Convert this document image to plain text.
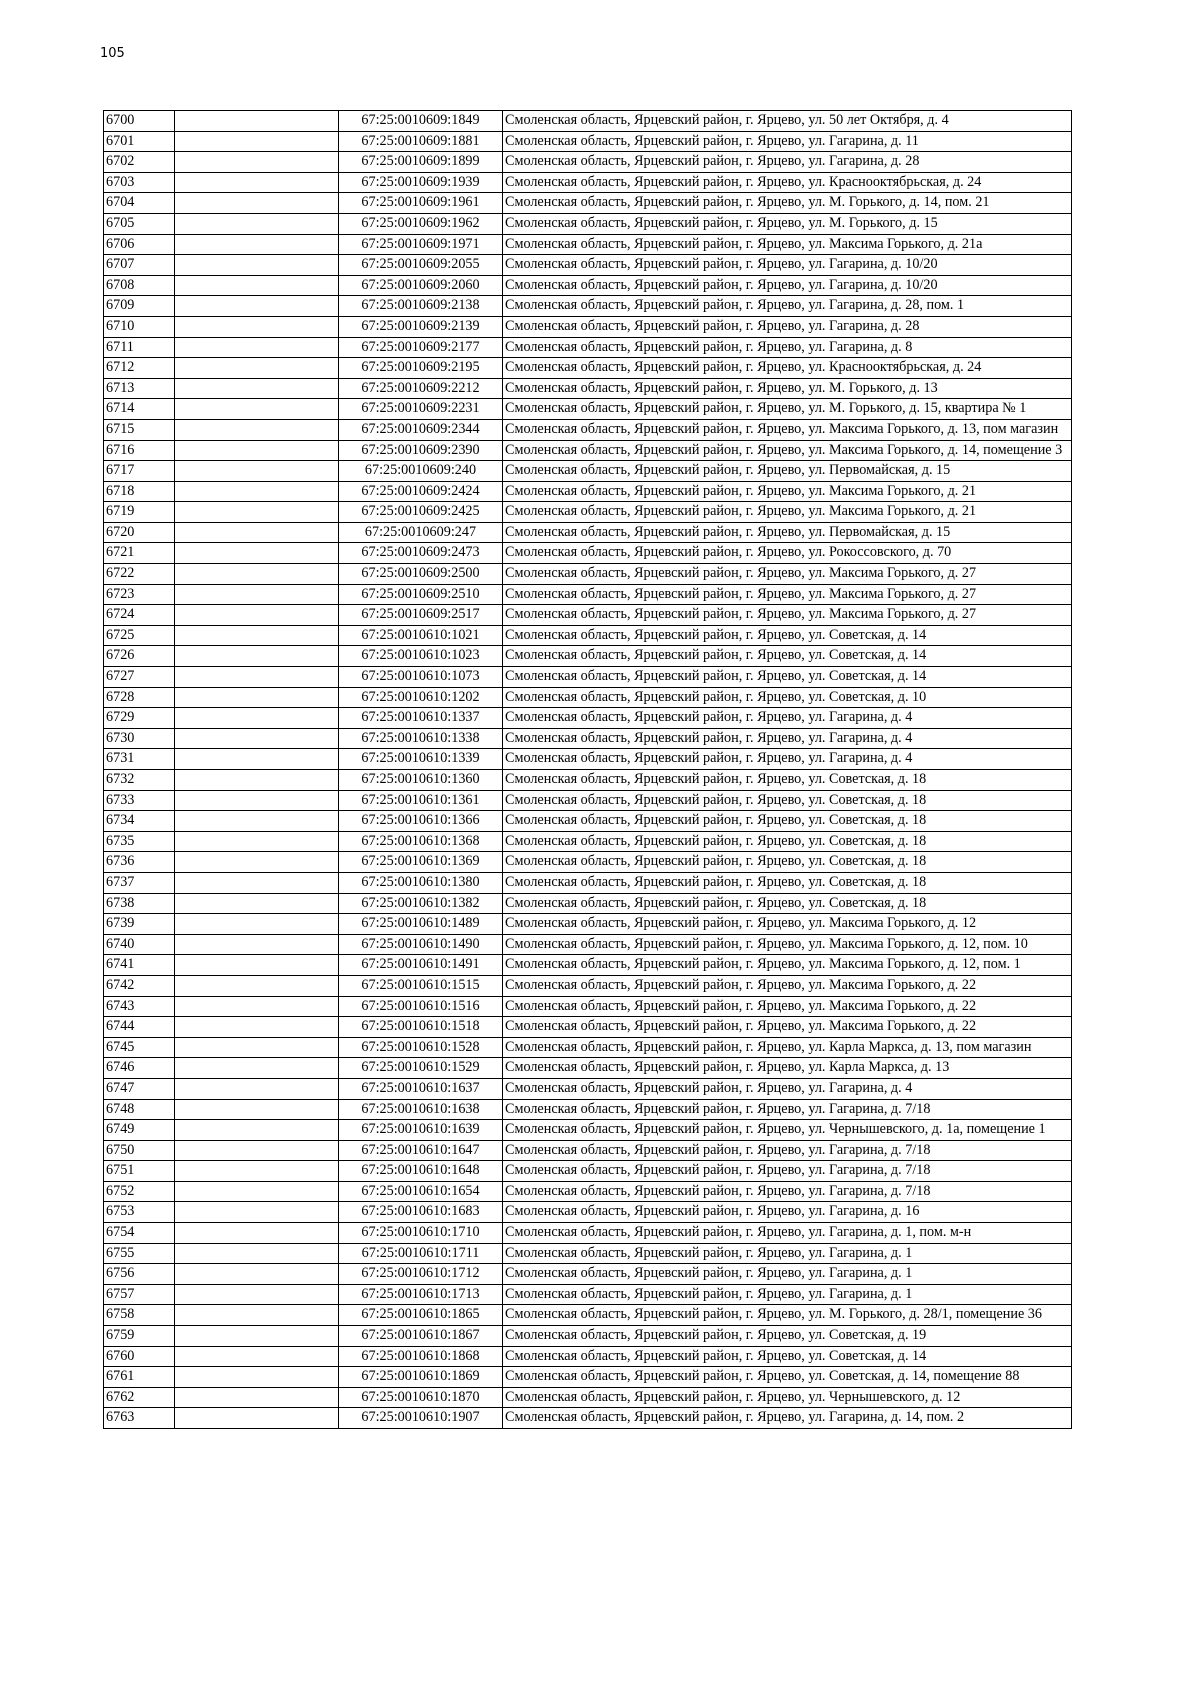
105
6700		67:25:0010609:1849	Смоленская область, Ярцевский район, г. Ярцево, ул. 50 лет Октября, д. 4
6701		67:25:0010609:1881	Смоленская область, Ярцевский район, г. Ярцево, ул. Гагарина, д. 11
6702		67:25:0010609:1899	Смоленская область, Ярцевский район, г. Ярцево, ул. Гагарина, д. 28
6703		67:25:0010609:1939	Смоленская область, Ярцевский район, г. Ярцево, ул. Краснооктябрьская, д. 24
6704		67:25:0010609:1961	Смоленская область, Ярцевский район, г. Ярцево, ул. М. Горького, д. 14, пом. 21
6705		67:25:0010609:1962	Смоленская область, Ярцевский район, г. Ярцево, ул. М. Горького, д. 15
6706		67:25:0010609:1971	Смоленская область, Ярцевский район, г. Ярцево, ул. Максима Горького, д. 21а
6707		67:25:0010609:2055	Смоленская область, Ярцевский район, г. Ярцево, ул. Гагарина, д. 10/20
6708		67:25:0010609:2060	Смоленская область, Ярцевский район, г. Ярцево, ул. Гагарина, д. 10/20
6709		67:25:0010609:2138	Смоленская область, Ярцевский район, г. Ярцево, ул. Гагарина, д. 28, пом. 1
6710		67:25:0010609:2139	Смоленская область, Ярцевский район, г. Ярцево, ул. Гагарина, д. 28
6711		67:25:0010609:2177	Смоленская область, Ярцевский район, г. Ярцево, ул. Гагарина, д. 8
6712		67:25:0010609:2195	Смоленская область, Ярцевский район, г. Ярцево, ул. Краснооктябрьская, д. 24
6713		67:25:0010609:2212	Смоленская область, Ярцевский район, г. Ярцево, ул. М. Горького, д. 13
6714		67:25:0010609:2231	Смоленская область, Ярцевский район, г. Ярцево, ул. М. Горького, д. 15, квартира № 1
6715		67:25:0010609:2344	Смоленская область, Ярцевский район, г. Ярцево, ул. Максима Горького, д. 13, пом магазин
6716		67:25:0010609:2390	Смоленская область, Ярцевский район, г. Ярцево, ул. Максима Горького, д. 14, помещение 3
6717		67:25:0010609:240	Смоленская область, Ярцевский район, г. Ярцево, ул. Первомайская, д. 15
6718		67:25:0010609:2424	Смоленская область, Ярцевский район, г. Ярцево, ул. Максима Горького, д. 21
6719		67:25:0010609:2425	Смоленская область, Ярцевский район, г. Ярцево, ул. Максима Горького, д. 21
6720		67:25:0010609:247	Смоленская область, Ярцевский район, г. Ярцево, ул. Первомайская, д. 15
6721		67:25:0010609:2473	Смоленская область, Ярцевский район, г. Ярцево, ул. Рокоссовского, д. 70
6722		67:25:0010609:2500	Смоленская область, Ярцевский район, г. Ярцево, ул. Максима Горького, д. 27
6723		67:25:0010609:2510	Смоленская область, Ярцевский район, г. Ярцево, ул. Максима Горького, д. 27
6724		67:25:0010609:2517	Смоленская область, Ярцевский район, г. Ярцево, ул. Максима Горького, д. 27
6725		67:25:0010610:1021	Смоленская область, Ярцевский район, г. Ярцево, ул. Советская, д. 14
6726		67:25:0010610:1023	Смоленская область, Ярцевский район, г. Ярцево, ул. Советская, д. 14
6727		67:25:0010610:1073	Смоленская область, Ярцевский район, г. Ярцево, ул. Советская, д. 14
6728		67:25:0010610:1202	Смоленская область, Ярцевский район, г. Ярцево, ул. Советская, д. 10
6729		67:25:0010610:1337	Смоленская область, Ярцевский район, г. Ярцево, ул. Гагарина, д. 4
6730		67:25:0010610:1338	Смоленская область, Ярцевский район, г. Ярцево, ул. Гагарина, д. 4
6731		67:25:0010610:1339	Смоленская область, Ярцевский район, г. Ярцево, ул. Гагарина, д. 4
6732		67:25:0010610:1360	Смоленская область, Ярцевский район, г. Ярцево, ул. Советская, д. 18
6733		67:25:0010610:1361	Смоленская область, Ярцевский район, г. Ярцево, ул. Советская, д. 18
6734		67:25:0010610:1366	Смоленская область, Ярцевский район, г. Ярцево, ул. Советская, д. 18
6735		67:25:0010610:1368	Смоленская область, Ярцевский район, г. Ярцево, ул. Советская, д. 18
6736		67:25:0010610:1369	Смоленская область, Ярцевский район, г. Ярцево, ул. Советская, д. 18
6737		67:25:0010610:1380	Смоленская область, Ярцевский район, г. Ярцево, ул. Советская, д. 18
6738		67:25:0010610:1382	Смоленская область, Ярцевский район, г. Ярцево, ул. Советская, д. 18
6739		67:25:0010610:1489	Смоленская область, Ярцевский район, г. Ярцево, ул. Максима Горького, д. 12
6740		67:25:0010610:1490	Смоленская область, Ярцевский район, г. Ярцево, ул. Максима Горького, д. 12, пом. 10
6741		67:25:0010610:1491	Смоленская область, Ярцевский район, г. Ярцево, ул. Максима Горького, д. 12, пом. 1
6742		67:25:0010610:1515	Смоленская область, Ярцевский район, г. Ярцево, ул. Максима Горького, д. 22
6743		67:25:0010610:1516	Смоленская область, Ярцевский район, г. Ярцево, ул. Максима Горького, д. 22
6744		67:25:0010610:1518	Смоленская область, Ярцевский район, г. Ярцево, ул. Максима Горького, д. 22
6745		67:25:0010610:1528	Смоленская область, Ярцевский район, г. Ярцево, ул. Карла Маркса, д. 13, пом магазин
6746		67:25:0010610:1529	Смоленская область, Ярцевский район, г. Ярцево, ул. Карла Маркса, д. 13
6747		67:25:0010610:1637	Смоленская область, Ярцевский район, г. Ярцево, ул. Гагарина, д. 4
6748		67:25:0010610:1638	Смоленская область, Ярцевский район, г. Ярцево, ул. Гагарина, д. 7/18
6749		67:25:0010610:1639	Смоленская область, Ярцевский район, г. Ярцево, ул. Чернышевского, д. 1а, помещение 1
6750		67:25:0010610:1647	Смоленская область, Ярцевский район, г. Ярцево, ул. Гагарина, д. 7/18
6751		67:25:0010610:1648	Смоленская область, Ярцевский район, г. Ярцево, ул. Гагарина, д. 7/18
6752		67:25:0010610:1654	Смоленская область, Ярцевский район, г. Ярцево, ул. Гагарина, д. 7/18
6753		67:25:0010610:1683	Смоленская область, Ярцевский район, г. Ярцево, ул. Гагарина, д. 16
6754		67:25:0010610:1710	Смоленская область, Ярцевский район, г. Ярцево, ул. Гагарина, д. 1, пом. м-н
6755		67:25:0010610:1711	Смоленская область, Ярцевский район, г. Ярцево, ул. Гагарина, д. 1
6756		67:25:0010610:1712	Смоленская область, Ярцевский район, г. Ярцево, ул. Гагарина, д. 1
6757		67:25:0010610:1713	Смоленская область, Ярцевский район, г. Ярцево, ул. Гагарина, д. 1
6758		67:25:0010610:1865	Смоленская область, Ярцевский район, г. Ярцево, ул. М. Горького, д. 28/1, помещение 36
6759		67:25:0010610:1867	Смоленская область, Ярцевский район, г. Ярцево, ул. Советская, д. 19
6760		67:25:0010610:1868	Смоленская область, Ярцевский район, г. Ярцево, ул. Советская, д. 14
6761		67:25:0010610:1869	Смоленская область, Ярцевский район, г. Ярцево, ул. Советская, д. 14, помещение 88
6762		67:25:0010610:1870	Смоленская область, Ярцевский район, г. Ярцево, ул. Чернышевского, д. 12
6763		67:25:0010610:1907	Смоленская область, Ярцевский район, г. Ярцево, ул. Гагарина, д. 14, пом. 2
